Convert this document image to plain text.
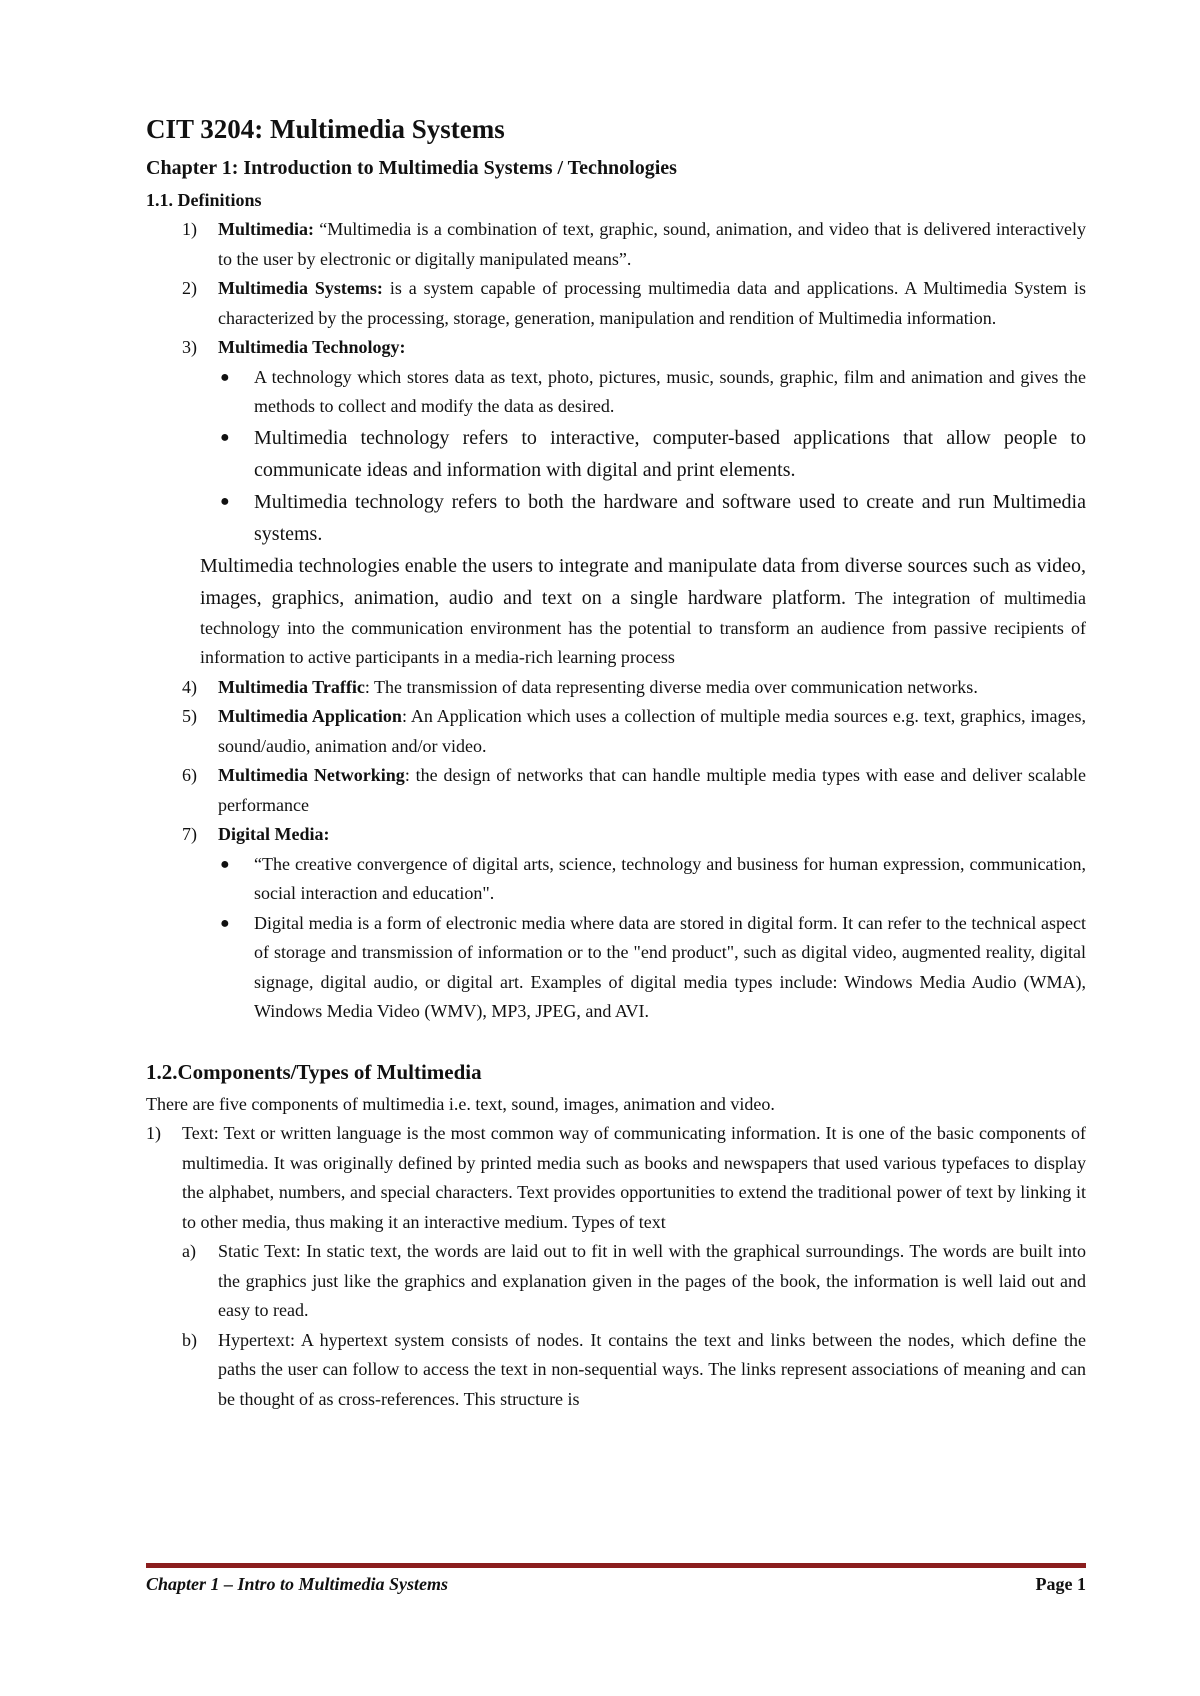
CIT 3204: Multimedia Systems
Chapter 1: Introduction to Multimedia Systems / Technologies
1.1. Definitions
1) Multimedia: “Multimedia is a combination of text, graphic, sound, animation, and video that is delivered interactively to the user by electronic or digitally manipulated means”.
2) Multimedia Systems: is a system capable of processing multimedia data and applications. A Multimedia System is characterized by the processing, storage, generation, manipulation and rendition of Multimedia information.
3) Multimedia Technology:
● A technology which stores data as text, photo, pictures, music, sounds, graphic, film and animation and gives the methods to collect and modify the data as desired.
● Multimedia technology refers to interactive, computer-based applications that allow people to communicate ideas and information with digital and print elements.
● Multimedia technology refers to both the hardware and software used to create and run Multimedia systems.

Multimedia technologies enable the users to integrate and manipulate data from diverse sources such as video, images, graphics, animation, audio and text on a single hardware platform. The integration of multimedia technology into the communication environment has the potential to transform an audience from passive recipients of information to active participants in a media-rich learning process

4) Multimedia Traffic: The transmission of data representing diverse media over communication networks.
5) Multimedia Application: An Application which uses a collection of multiple media sources e.g. text, graphics, images, sound/audio, animation and/or video.
6) Multimedia Networking: the design of networks that can handle multiple media types with ease and deliver scalable performance
7) Digital Media:
● “The creative convergence of digital arts, science, technology and business for human expression, communication, social interaction and education".
● Digital media is a form of electronic media where data are stored in digital form. It can refer to the technical aspect of storage and transmission of information or to the "end product", such as digital video, augmented reality, digital signage, digital audio, or digital art. Examples of digital media types include: Windows Media Audio (WMA), Windows Media Video (WMV), MP3, JPEG, and AVI.
1.2.Components/Types of Multimedia

There are five components of multimedia i.e. text, sound, images, animation and video.

1) Text: Text or written language is the most common way of communicating information. It is one of the basic components of multimedia. It was originally defined by printed media such as books and newspapers that used various typefaces to display the alphabet, numbers, and special characters. Text provides opportunities to extend the traditional power of text by linking it to other media, thus making it an interactive medium. Types of text
a) Static Text: In static text, the words are laid out to fit in well with the graphical surroundings. The words are built into the graphics just like the graphics and explanation given in the pages of the book, the information is well laid out and easy to read.
b) Hypertext: A hypertext system consists of nodes. It contains the text and links between the nodes, which define the paths the user can follow to access the text in non-sequential ways. The links represent associations of meaning and can be thought of as cross-references. This structure is
Chapter 1 – Intro to Multimedia Systems	Page 1
